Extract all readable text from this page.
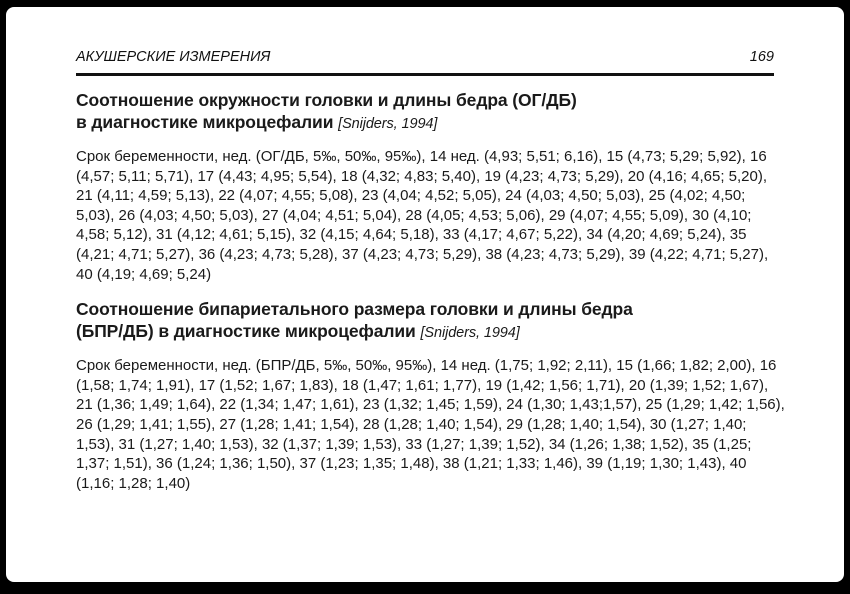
АКУШЕРСКИЕ ИЗМЕРЕНИЯ	169
Соотношение окружности головки и длины бедра (ОГ/ДБ)
в диагностике микроцефалии [Snijders, 1994]

Срок беременности, нед. (ОГ/ДБ, 5‰, 50‰, 95‰), 14 нед. (4,93; 5,51; 6,16), 15 (4,73; 5,29; 5,92), 16 (4,57; 5,11; 5,71), 17 (4,43; 4,95; 5,54), 18 (4,32; 4,83; 5,40), 19 (4,23; 4,73; 5,29), 20 (4,16; 4,65; 5,20), 21 (4,11; 4,59; 5,13), 22 (4,07; 4,55; 5,08), 23 (4,04; 4,52; 5,05), 24 (4,03; 4,50; 5,03), 25 (4,02; 4,50; 5,03), 26 (4,03; 4,50; 5,03), 27 (4,04; 4,51; 5,04), 28 (4,05; 4,53; 5,06), 29 (4,07; 4,55; 5,09), 30 (4,10; 4,58; 5,12), 31 (4,12; 4,61; 5,15), 32 (4,15; 4,64; 5,18), 33 (4,17; 4,67; 5,22), 34 (4,20; 4,69; 5,24), 35 (4,21; 4,71; 5,27), 36 (4,23; 4,73; 5,28), 37 (4,23; 4,73; 5,29), 38 (4,23; 4,73; 5,29), 39 (4,22; 4,71; 5,27), 40 (4,19; 4,69; 5,24)

Соотношение бипариетального размера головки и длины бедра
(БПР/ДБ) в диагностике микроцефалии [Snijders, 1994]

Срок беременности, нед. (БПР/ДБ, 5‰, 50‰, 95‰), 14 нед. (1,75; 1,92; 2,11), 15 (1,66; 1,82; 2,00), 16 (1,58; 1,74; 1,91), 17 (1,52; 1,67; 1,83), 18 (1,47; 1,61; 1,77), 19 (1,42; 1,56; 1,71), 20 (1,39; 1,52; 1,67), 21 (1,36; 1,49; 1,64), 22 (1,34; 1,47; 1,61), 23 (1,32; 1,45; 1,59), 24 (1,30; 1,43;1,57), 25 (1,29; 1,42; 1,56), 26 (1,29; 1,41; 1,55), 27 (1,28; 1,41; 1,54), 28 (1,28; 1,40; 1,54), 29 (1,28; 1,40; 1,54), 30 (1,27; 1,40; 1,53), 31 (1,27; 1,40; 1,53), 32 (1,37; 1,39; 1,53), 33 (1,27; 1,39; 1,52), 34 (1,26; 1,38; 1,52), 35 (1,25; 1,37; 1,51), 36 (1,24; 1,36; 1,50), 37 (1,23; 1,35; 1,48), 38 (1,21; 1,33; 1,46), 39 (1,19; 1,30; 1,43), 40 (1,16; 1,28; 1,40)
